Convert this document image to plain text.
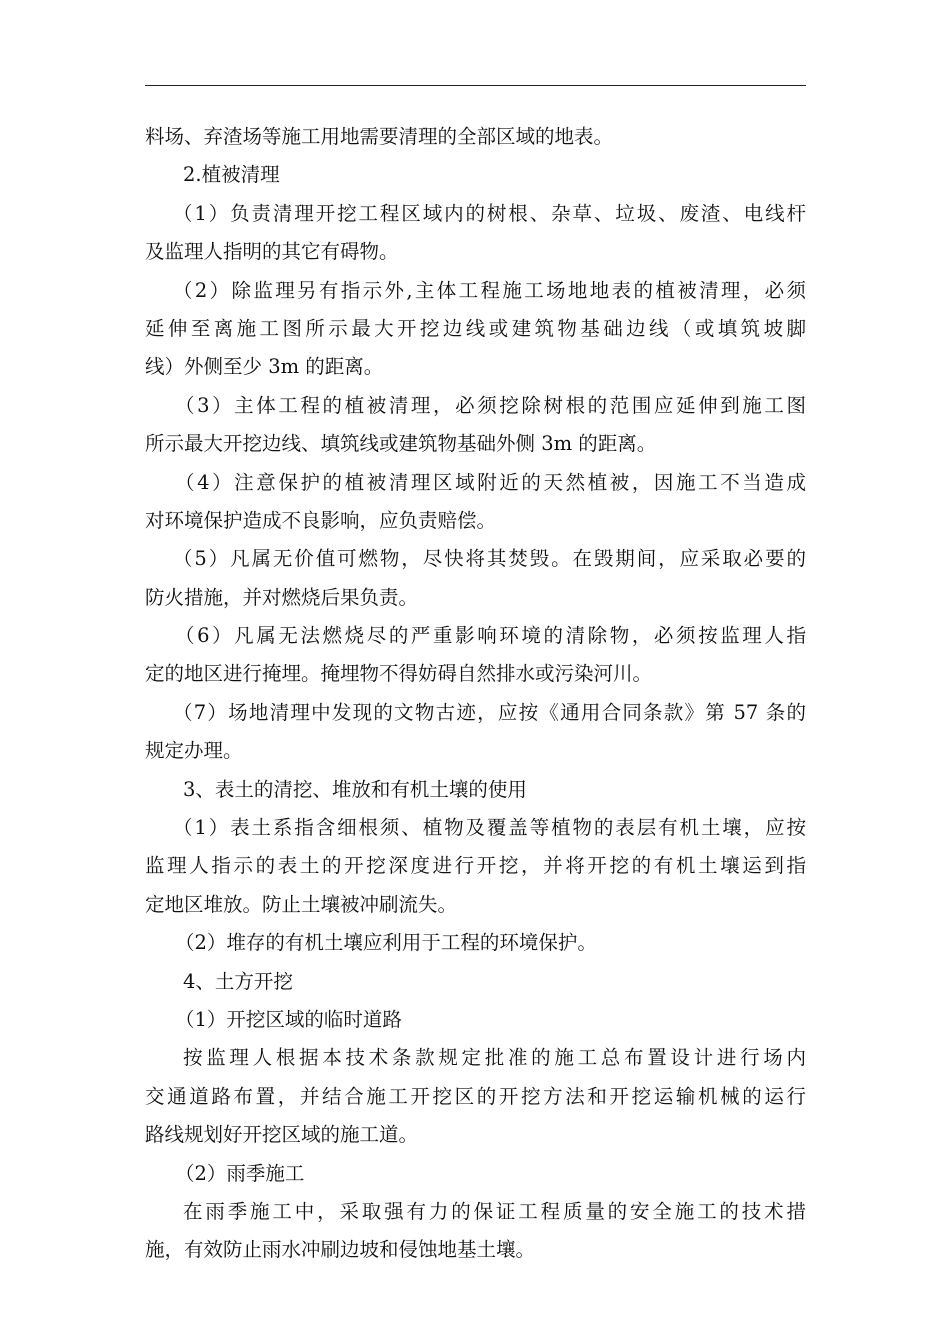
料场、弃渣场等施工用地需要清理的全部区域的地表。
2.植被清理
（1）负责清理开挖工程区域内的树根、杂草、垃圾、废渣、电线杆
及监理人指明的其它有碍物。
（2）除监理另有指示外,主体工程施工场地地表的植被清理，必须
延伸至离施工图所示最大开挖边线或建筑物基础边线（或填筑坡脚
线）外侧至少 3m 的距离。
（3）主体工程的植被清理，必须挖除树根的范围应延伸到施工图
所示最大开挖边线、填筑线或建筑物基础外侧 3m 的距离。
（4）注意保护的植被清理区域附近的天然植被，因施工不当造成
对环境保护造成不良影响，应负责赔偿。
（5）凡属无价值可燃物，尽快将其焚毁。在毁期间，应采取必要的
防火措施，并对燃烧后果负责。
（6）凡属无法燃烧尽的严重影响环境的清除物，必须按监理人指
定的地区进行掩埋。掩埋物不得妨碍自然排水或污染河川。
（7）场地清理中发现的文物古迹，应按《通用合同条款》第 57 条的
规定办理。
3、表土的清挖、堆放和有机土壤的使用
（1）表土系指含细根须、植物及覆盖等植物的表层有机土壤，应按
监理人指示的表土的开挖深度进行开挖，并将开挖的有机土壤运到指
定地区堆放。防止土壤被冲刷流失。
（2）堆存的有机土壤应利用于工程的环境保护。
4、土方开挖
（1）开挖区域的临时道路
按监理人根据本技术条款规定批准的施工总布置设计进行场内
交通道路布置，并结合施工开挖区的开挖方法和开挖运输机械的运行
路线规划好开挖区域的施工道。
（2）雨季施工
在雨季施工中，采取强有力的保证工程质量的安全施工的技术措
施，有效防止雨水冲刷边坡和侵蚀地基土壤。
